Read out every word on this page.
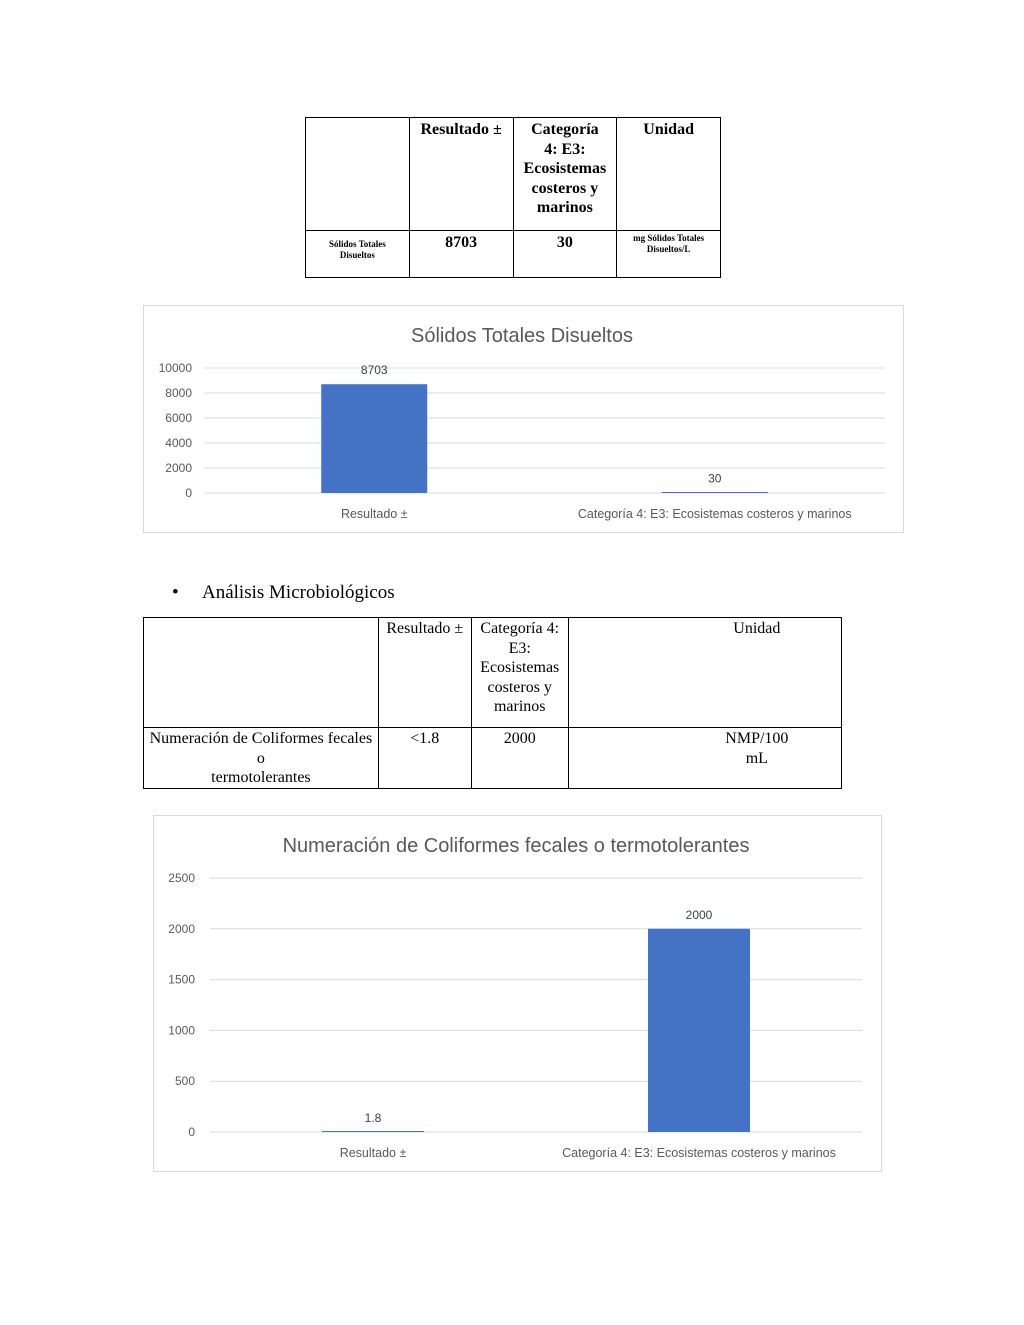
	Resultado ±	Categoría
4: E3:
Ecosistemas
costeros y
marinos	Unidad
Sólidos Totales
Disueltos	8703	30	mg Sólidos Totales
Disueltos/L
Sólidos Totales Disueltos
0
2000
4000
6000
8000
10000	8703
Resultado ±
30
Categoría 4: E3: Ecosistemas costeros y marinos
• Análisis Microbiológicos
	Resultado ±	Categoría 4:
E3:
Ecosistemas
costeros y
marinos	Unidad
Numeración de Coliformes fecales o
termotolerantes	<1.8	2000	NMP/100
mL
Numeración de Coliformes fecales o termotolerantes
0
500
1000
1500
2000
2500
1.8
Resultado ±
2000
Categoría 4: E3: Ecosistemas costeros y marinos
